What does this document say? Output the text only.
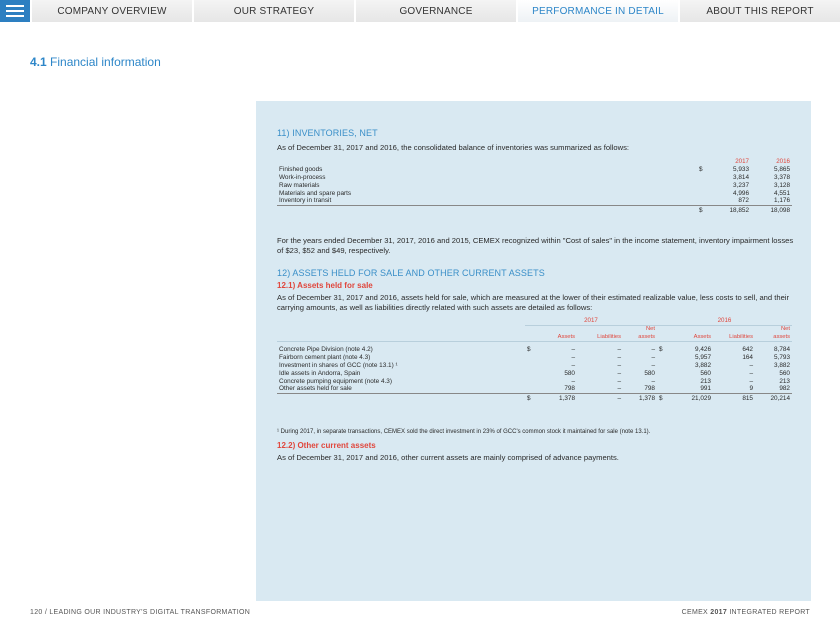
COMPANY OVERVIEW	OUR STRATEGY	GOVERNANCE	PERFORMANCE IN DETAIL	ABOUT THIS REPORT
4.1 Financial information
11) INVENTORIES, NET
As of December 31, 2017 and 2016, the consolidated balance of inventories was summarized as follows:
		2017	2016
Finished goods	$	5,933	5,865
Work-in-process		3,814	3,378
Raw materials		3,237	3,128
Materials and spare parts		4,996	4,551
Inventory in transit		872	1,176
	$	18,852	18,098
For the years ended December 31, 2017, 2016 and 2015, CEMEX recognized within "Cost of sales" in the income statement, inventory impairment losses of $23, $52 and $49, respectively.
12) ASSETS HELD FOR SALE AND OTHER CURRENT ASSETS
12.1) Assets held for sale
As of December 31, 2017 and 2016, assets held for sale, which are measured at the lower of their estimated realizable value, less costs to sell, and their carrying amounts, as well as liabilities directly related with such assets are detailed as follows:
	2017				2016			
				Net				Net
		Assets	Liabilities	assets		Assets	Liabilities	assets

Concrete Pipe Division (note 4.2)	$	–	–	–	$	9,426	642	8,784
Fairborn cement plant (note 4.3)		–	–	–		5,957	164	5,793
Investment in shares of GCC (note 13.1) ¹		–	–	–		3,882	–	3,882
Idle assets in Andorra, Spain		580	–	580		560	–	560
Concrete pumping equipment (note 4.3)		–	–	–		213	–	213
Other assets held for sale		798	–	798		991	9	982
	$	1,378	–	1,378	$	21,029	815	20,214
¹ During 2017, in separate transactions, CEMEX sold the direct investment in 23% of GCC's common stock it maintained for sale (note 13.1).
12.2) Other current assets
As of December 31, 2017 and 2016, other current assets are mainly comprised of advance payments.
120 / LEADING OUR INDUSTRY'S DIGITAL TRANSFORMATION	CEMEX 2017 INTEGRATED REPORT
